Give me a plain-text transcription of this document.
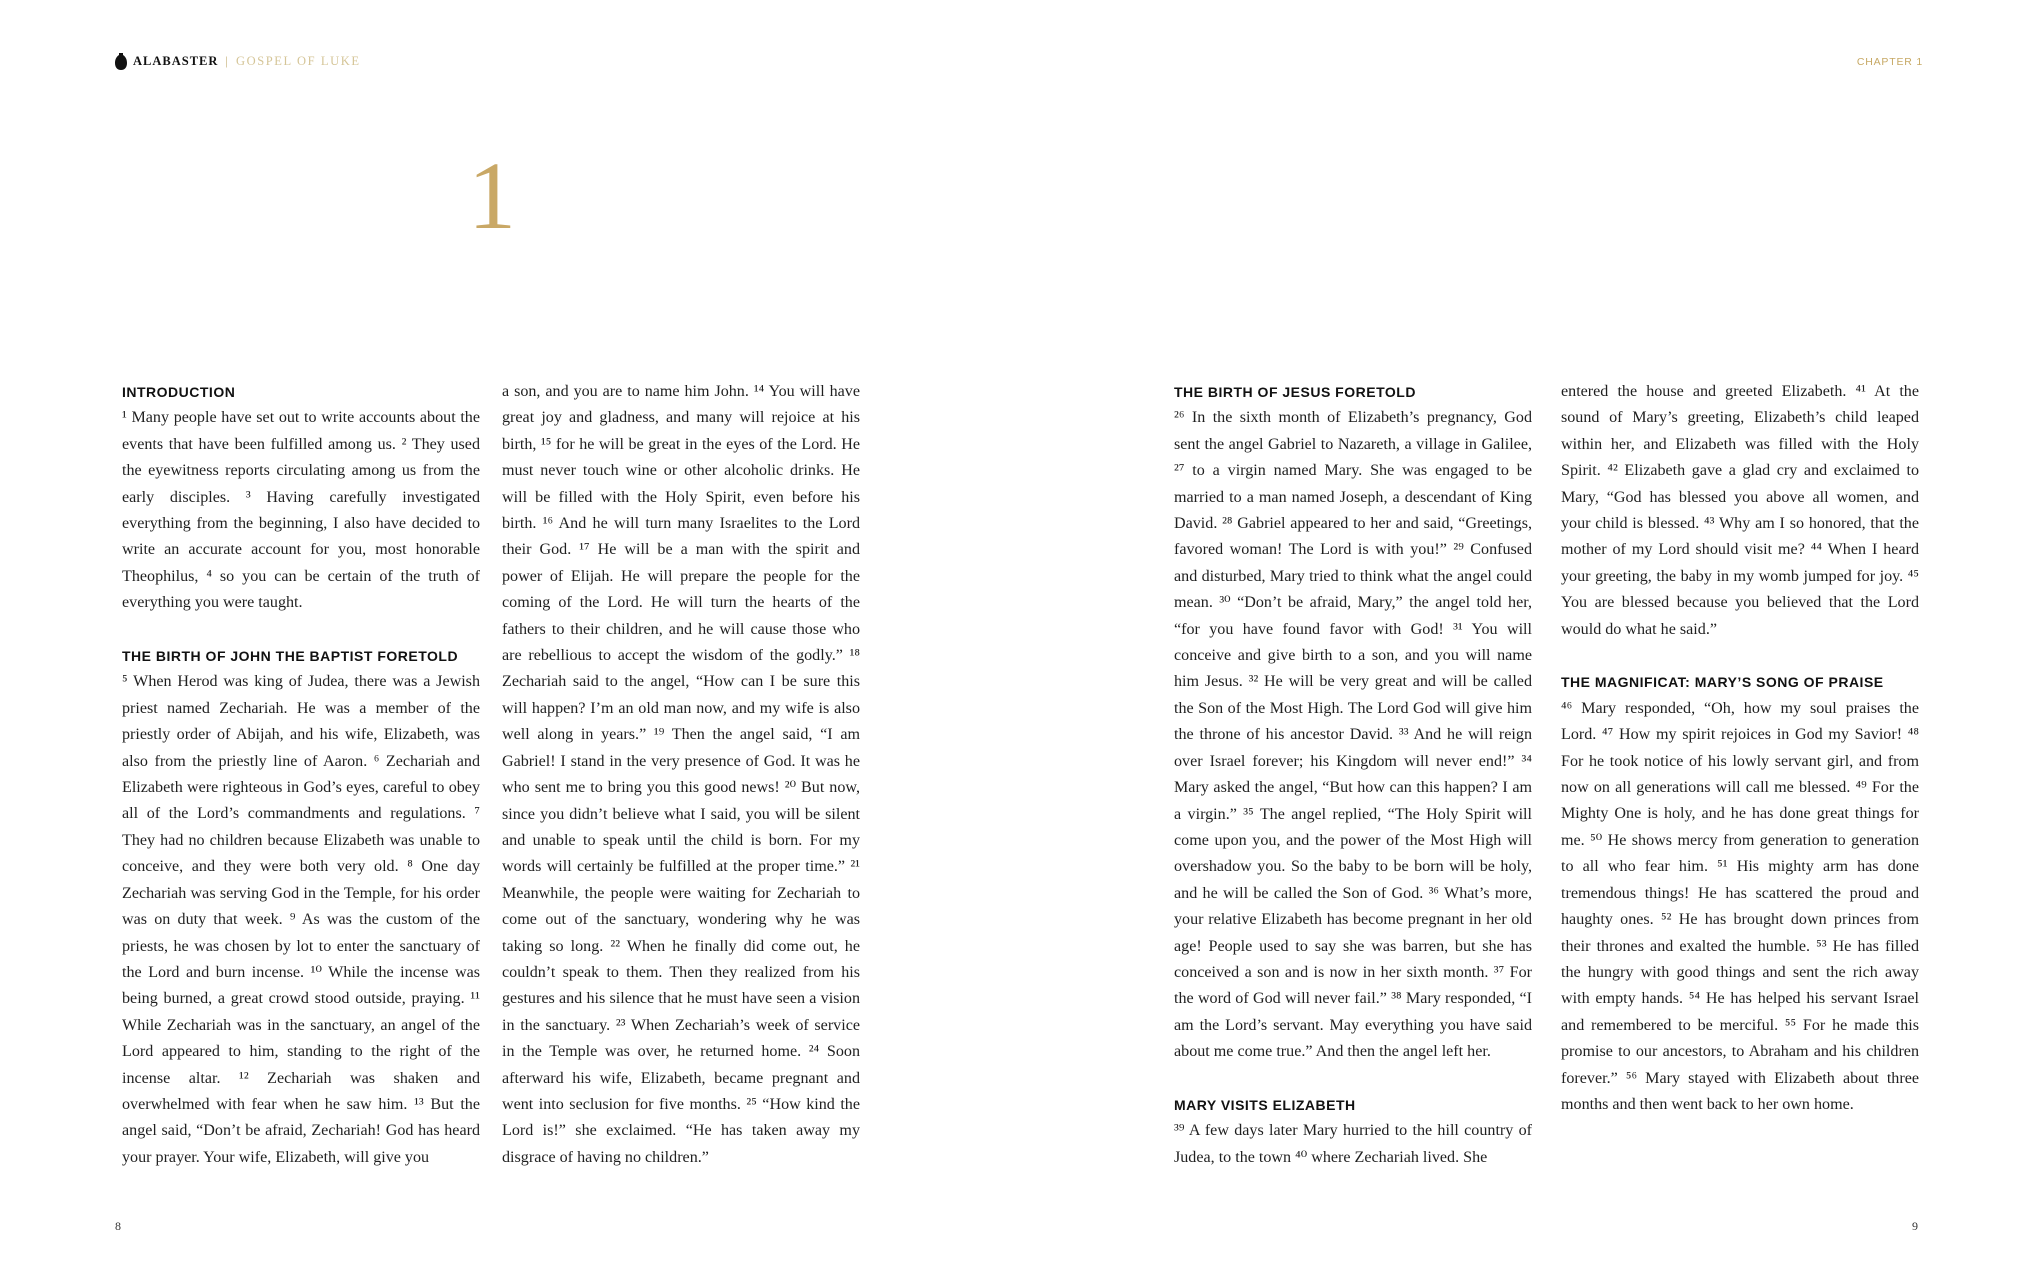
ALABASTER | GOSPEL OF LUKE	CHAPTER 1
1
INTRODUCTION

¹ Many people have set out to write accounts about the events that have been fulfilled among us. ² They used the eyewitness reports circulating among us from the early disciples. ³ Having carefully investigated everything from the beginning, I also have decided to write an accurate account for you, most honorable Theophilus, ⁴ so you can be certain of the truth of everything you were taught.

THE BIRTH OF JOHN THE BAPTIST FORETOLD

⁵ When Herod was king of Judea, there was a Jewish priest named Zechariah. He was a member of the priestly order of Abijah, and his wife, Elizabeth, was also from the priestly line of Aaron. ⁶ Zechariah and Elizabeth were righteous in God’s eyes, careful to obey all of the Lord’s commandments and regulations. ⁷ They had no children because Elizabeth was unable to conceive, and they were both very old. ⁸ One day Zechariah was serving God in the Temple, for his order was on duty that week. ⁹ As was the custom of the priests, he was chosen by lot to enter the sanctuary of the Lord and burn incense. ¹⁰ While the incense was being burned, a great crowd stood outside, praying. ¹¹ While Zechariah was in the sanctuary, an angel of the Lord appeared to him, standing to the right of the incense altar. ¹² Zechariah was shaken and overwhelmed with fear when he saw him. ¹³ But the angel said, “Don’t be afraid, Zechariah! God has heard your prayer. Your wife, Elizabeth, will give you

a son, and you are to name him John. ¹⁴ You will have great joy and gladness, and many will rejoice at his birth, ¹⁵ for he will be great in the eyes of the Lord. He must never touch wine or other alcoholic drinks. He will be filled with the Holy Spirit, even before his birth. ¹⁶ And he will turn many Israelites to the Lord their God. ¹⁷ He will be a man with the spirit and power of Elijah. He will prepare the people for the coming of the Lord. He will turn the hearts of the fathers to their children, and he will cause those who are rebellious to accept the wisdom of the godly.” ¹⁸ Zechariah said to the angel, “How can I be sure this will happen? I’m an old man now, and my wife is also well along in years.” ¹⁹ Then the angel said, “I am Gabriel! I stand in the very presence of God. It was he who sent me to bring you this good news! ²⁰ But now, since you didn’t believe what I said, you will be silent and unable to speak until the child is born. For my words will certainly be fulfilled at the proper time.” ²¹ Meanwhile, the people were waiting for Zechariah to come out of the sanctuary, wondering why he was taking so long. ²² When he finally did come out, he couldn’t speak to them. Then they realized from his gestures and his silence that he must have seen a vision in the sanctuary. ²³ When Zechariah’s week of service in the Temple was over, he returned home. ²⁴ Soon afterward his wife, Elizabeth, became pregnant and went into seclusion for five months. ²⁵ “How kind the Lord is!” she exclaimed. “He has taken away my disgrace of having no children.”

THE BIRTH OF JESUS FORETOLD

²⁶ In the sixth month of Elizabeth’s pregnancy, God sent the angel Gabriel to Nazareth, a village in Galilee, ²⁷ to a virgin named Mary. She was engaged to be married to a man named Joseph, a descendant of King David. ²⁸ Gabriel appeared to her and said, “Greetings, favored woman! The Lord is with you!” ²⁹ Confused and disturbed, Mary tried to think what the angel could mean. ³⁰ “Don’t be afraid, Mary,” the angel told her, “for you have found favor with God! ³¹ You will conceive and give birth to a son, and you will name him Jesus. ³² He will be very great and will be called the Son of the Most High. The Lord God will give him the throne of his ancestor David. ³³ And he will reign over Israel forever; his Kingdom will never end!” ³⁴ Mary asked the angel, “But how can this happen? I am a virgin.” ³⁵ The angel replied, “The Holy Spirit will come upon you, and the power of the Most High will overshadow you. So the baby to be born will be holy, and he will be called the Son of God. ³⁶ What’s more, your relative Elizabeth has become pregnant in her old age! People used to say she was barren, but she has conceived a son and is now in her sixth month. ³⁷ For the word of God will never fail.” ³⁸ Mary responded, “I am the Lord’s servant. May everything you have said about me come true.” And then the angel left her.

MARY VISITS ELIZABETH

³⁹ A few days later Mary hurried to the hill country of Judea, to the town ⁴⁰ where Zechariah lived. She

entered the house and greeted Elizabeth. ⁴¹ At the sound of Mary’s greeting, Elizabeth’s child leaped within her, and Elizabeth was filled with the Holy Spirit. ⁴² Elizabeth gave a glad cry and exclaimed to Mary, “God has blessed you above all women, and your child is blessed. ⁴³ Why am I so honored, that the mother of my Lord should visit me? ⁴⁴ When I heard your greeting, the baby in my womb jumped for joy. ⁴⁵ You are blessed because you believed that the Lord would do what he said.”

THE MAGNIFICAT: MARY’S SONG OF PRAISE

⁴⁶ Mary responded, “Oh, how my soul praises the Lord. ⁴⁷ How my spirit rejoices in God my Savior! ⁴⁸ For he took notice of his lowly servant girl, and from now on all generations will call me blessed. ⁴⁹ For the Mighty One is holy, and he has done great things for me. ⁵⁰ He shows mercy from generation to generation to all who fear him. ⁵¹ His mighty arm has done tremendous things! He has scattered the proud and haughty ones. ⁵² He has brought down princes from their thrones and exalted the humble. ⁵³ He has filled the hungry with good things and sent the rich away with empty hands. ⁵⁴ He has helped his servant Israel and remembered to be merciful. ⁵⁵ For he made this promise to our ancestors, to Abraham and his children forever.” ⁵⁶ Mary stayed with Elizabeth about three months and then went back to her own home.

8	9
